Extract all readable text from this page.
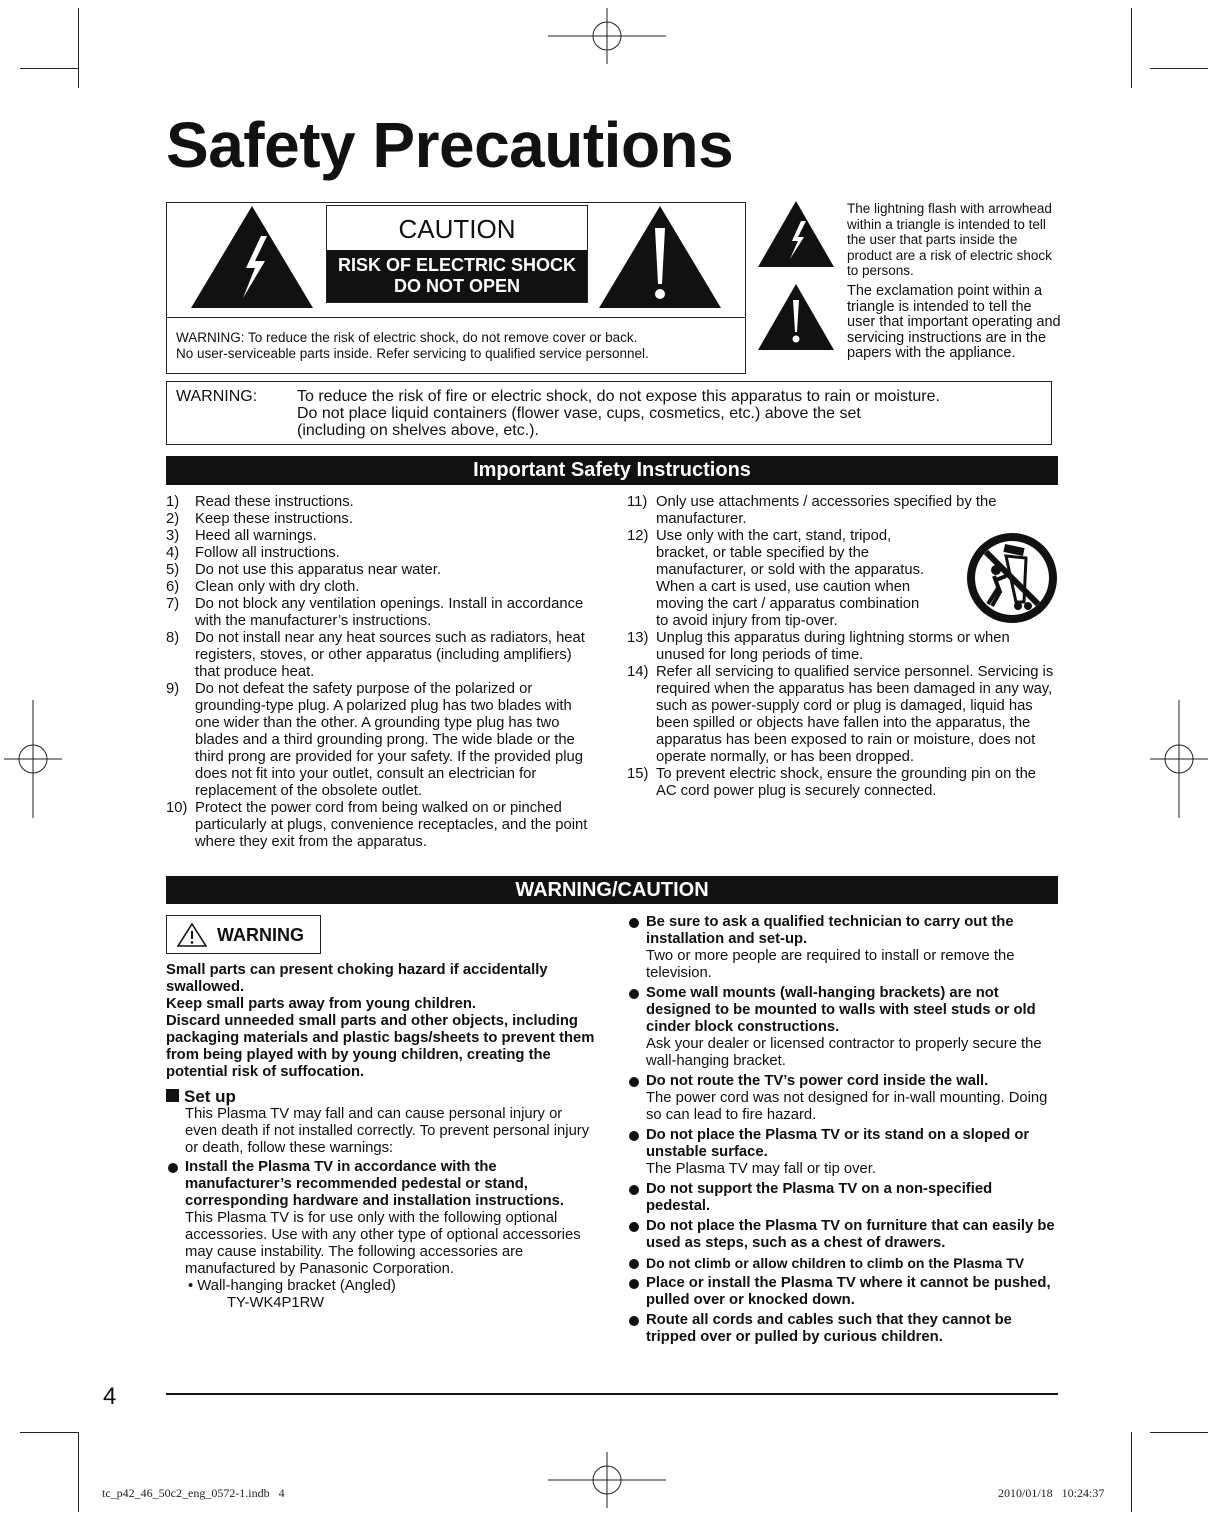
Safety Precautions
WARNING: To reduce the risk of electric shock, do not remove cover or back.
No user-serviceable parts inside. Refer servicing to qualified service personnel.
CAUTION
RISK OF ELECTRIC SHOCK
DO NOT OPEN
The lightning flash with arrowhead within a triangle is intended to tell the user that parts inside the product are a risk of electric shock to persons.
The exclamation point within a triangle is intended to tell the user that important operating and servicing instructions are in the papers with the appliance.
WARNING: To reduce the risk of fire or electric shock, do not expose this apparatus to rain or moisture.
Do not place liquid containers (flower vase, cups, cosmetics, etc.) above the set
(including on shelves above, etc.).
Important Safety Instructions
1) Read these instructions.
2) Keep these instructions.
3) Heed all warnings.
4) Follow all instructions.
5) Do not use this apparatus near water.
6) Clean only with dry cloth.
7) Do not block any ventilation openings. Install in accordance with the manufacturer’s instructions.
8) Do not install near any heat sources such as radiators, heat registers, stoves, or other apparatus (including amplifiers) that produce heat.
9) Do not defeat the safety purpose of the polarized or grounding-type plug. A polarized plug has two blades with one wider than the other. A grounding type plug has two blades and a third grounding prong. The wide blade or the third prong are provided for your safety. If the provided plug does not fit into your outlet, consult an electrician for replacement of the obsolete outlet.
10) Protect the power cord from being walked on or pinched particularly at plugs, convenience receptacles, and the point where they exit from the apparatus.
11) Only use attachments / accessories specified by the manufacturer.
12) Use only with the cart, stand, tripod, bracket, or table specified by the manufacturer, or sold with the apparatus. When a cart is used, use caution when moving the cart / apparatus combination to avoid injury from tip-over.
13) Unplug this apparatus during lightning storms or when unused for long periods of time.
14) Refer all servicing to qualified service personnel. Servicing is required when the apparatus has been damaged in any way, such as power-supply cord or plug is damaged, liquid has been spilled or objects have fallen into the apparatus, the apparatus has been exposed to rain or moisture, does not operate normally, or has been dropped.
15) To prevent electric shock, ensure the grounding pin on the AC cord power plug is securely connected.
WARNING/CAUTION
WARNING
Small parts can present choking hazard if accidentally swallowed.
Keep small parts away from young children.
Discard unneeded small parts and other objects, including packaging materials and plastic bags/sheets to prevent them from being played with by young children, creating the potential risk of suffocation.
Set up
This Plasma TV may fall and can cause personal injury or even death if not installed correctly. To prevent personal injury or death, follow these warnings:
Install the Plasma TV in accordance with the manufacturer’s recommended pedestal or stand, corresponding hardware and installation instructions.
This Plasma TV is for use only with the following optional accessories. Use with any other type of optional accessories may cause instability. The following accessories are manufactured by Panasonic Corporation.
• Wall-hanging bracket (Angled)
TY-WK4P1RW
Be sure to ask a qualified technician to carry out the installation and set-up.
Two or more people are required to install or remove the television.
Some wall mounts (wall-hanging brackets) are not designed to be mounted to walls with steel studs or old cinder block constructions.
Ask your dealer or licensed contractor to properly secure the wall-hanging bracket.
Do not route the TV’s power cord inside the wall.
The power cord was not designed for in-wall mounting. Doing so can lead to fire hazard.
Do not place the Plasma TV or its stand on a sloped or unstable surface.
The Plasma TV may fall or tip over.
Do not support the Plasma TV on a non-specified pedestal.
Do not place the Plasma TV on furniture that can easily be used as steps, such as a chest of drawers.
Do not climb or allow children to climb on the Plasma TV
Place or install the Plasma TV where it cannot be pushed, pulled over or knocked down.
Route all cords and cables such that they cannot be tripped over or pulled by curious children.
4
tc_p42_46_50c2_eng_0572-1.indb   4	2010/01/18   10:24:37
